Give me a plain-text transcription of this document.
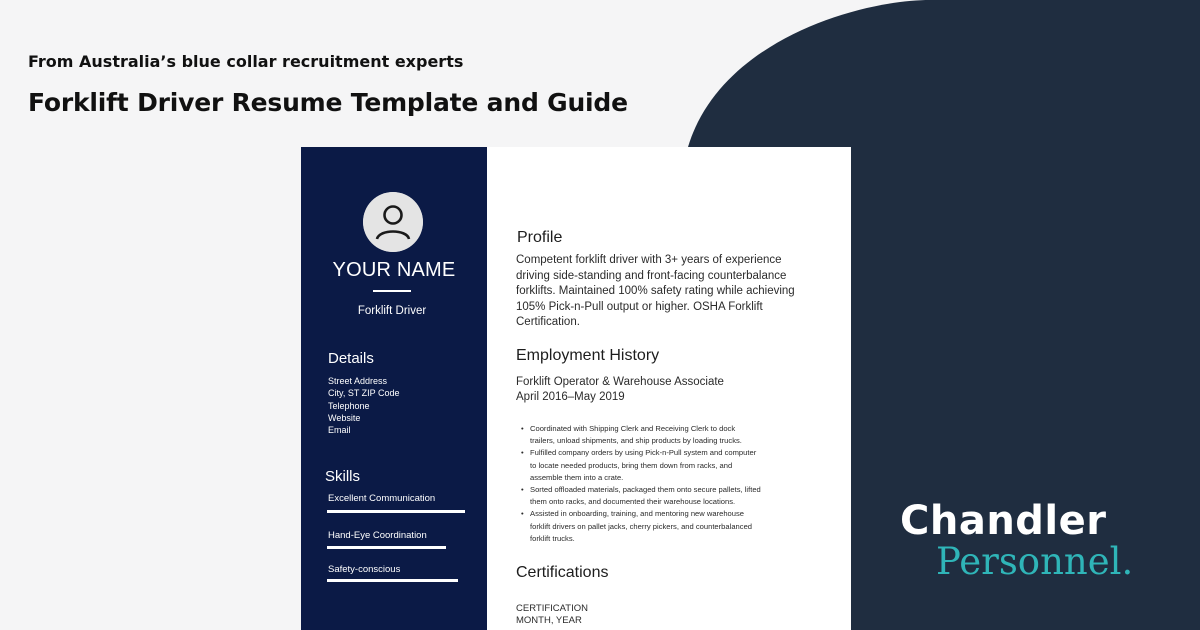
From Australia’s blue collar recruitment experts
Forklift Driver Resume Template and Guide
YOUR NAME
Forklift Driver
Details
Street Address
City, ST ZIP Code
Telephone
Website
Email
Skills
Excellent Communication
Hand-Eye Coordination
Safety-conscious
Profile
Competent forklift driver with 3+ years of experience
driving side-standing and front-facing counterbalance
forklifts. Maintained 100% safety rating while achieving
105% Pick-n-Pull output or higher. OSHA Forklift
Certification.
Employment History
Forklift Operator & Warehouse Associate
April 2016–May 2019
• Coordinated with Shipping Clerk and Receiving Clerk to dock
trailers, unload shipments, and ship products by loading trucks.
• Fulfilled company orders by using Pick-n-Pull system and computer
to locate needed products, bring them down from racks, and
assemble them into a crate.
• Sorted offloaded materials, packaged them onto secure pallets, lifted
them onto racks, and documented their warehouse locations.
• Assisted in onboarding, training, and mentoring new warehouse
forklift drivers on pallet jacks, cherry pickers, and counterbalanced
forklift trucks.
Certifications
CERTIFICATION
MONTH, YEAR
Chandler
Personnel.
